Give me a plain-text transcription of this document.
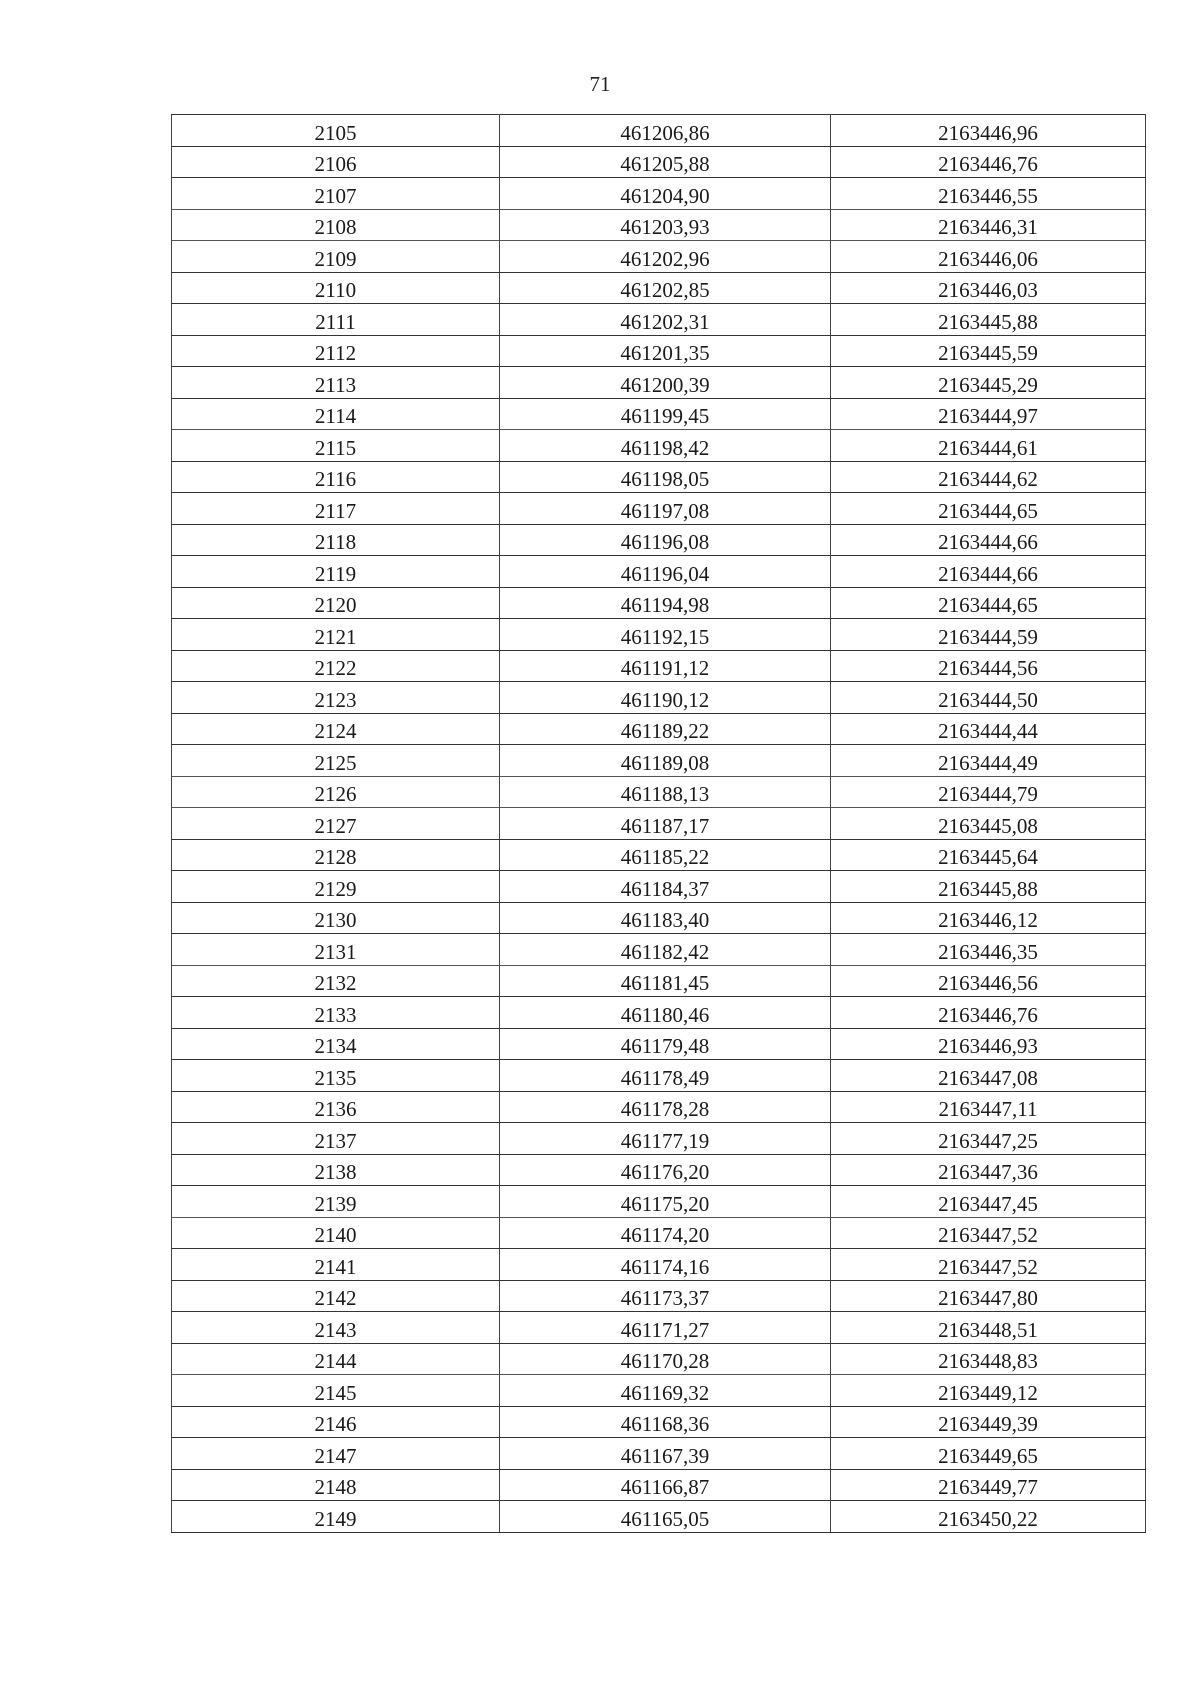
71
2105	461206,86	2163446,96
2106	461205,88	2163446,76
2107	461204,90	2163446,55
2108	461203,93	2163446,31
2109	461202,96	2163446,06
2110	461202,85	2163446,03
2111	461202,31	2163445,88
2112	461201,35	2163445,59
2113	461200,39	2163445,29
2114	461199,45	2163444,97
2115	461198,42	2163444,61
2116	461198,05	2163444,62
2117	461197,08	2163444,65
2118	461196,08	2163444,66
2119	461196,04	2163444,66
2120	461194,98	2163444,65
2121	461192,15	2163444,59
2122	461191,12	2163444,56
2123	461190,12	2163444,50
2124	461189,22	2163444,44
2125	461189,08	2163444,49
2126	461188,13	2163444,79
2127	461187,17	2163445,08
2128	461185,22	2163445,64
2129	461184,37	2163445,88
2130	461183,40	2163446,12
2131	461182,42	2163446,35
2132	461181,45	2163446,56
2133	461180,46	2163446,76
2134	461179,48	2163446,93
2135	461178,49	2163447,08
2136	461178,28	2163447,11
2137	461177,19	2163447,25
2138	461176,20	2163447,36
2139	461175,20	2163447,45
2140	461174,20	2163447,52
2141	461174,16	2163447,52
2142	461173,37	2163447,80
2143	461171,27	2163448,51
2144	461170,28	2163448,83
2145	461169,32	2163449,12
2146	461168,36	2163449,39
2147	461167,39	2163449,65
2148	461166,87	2163449,77
2149	461165,05	2163450,22
